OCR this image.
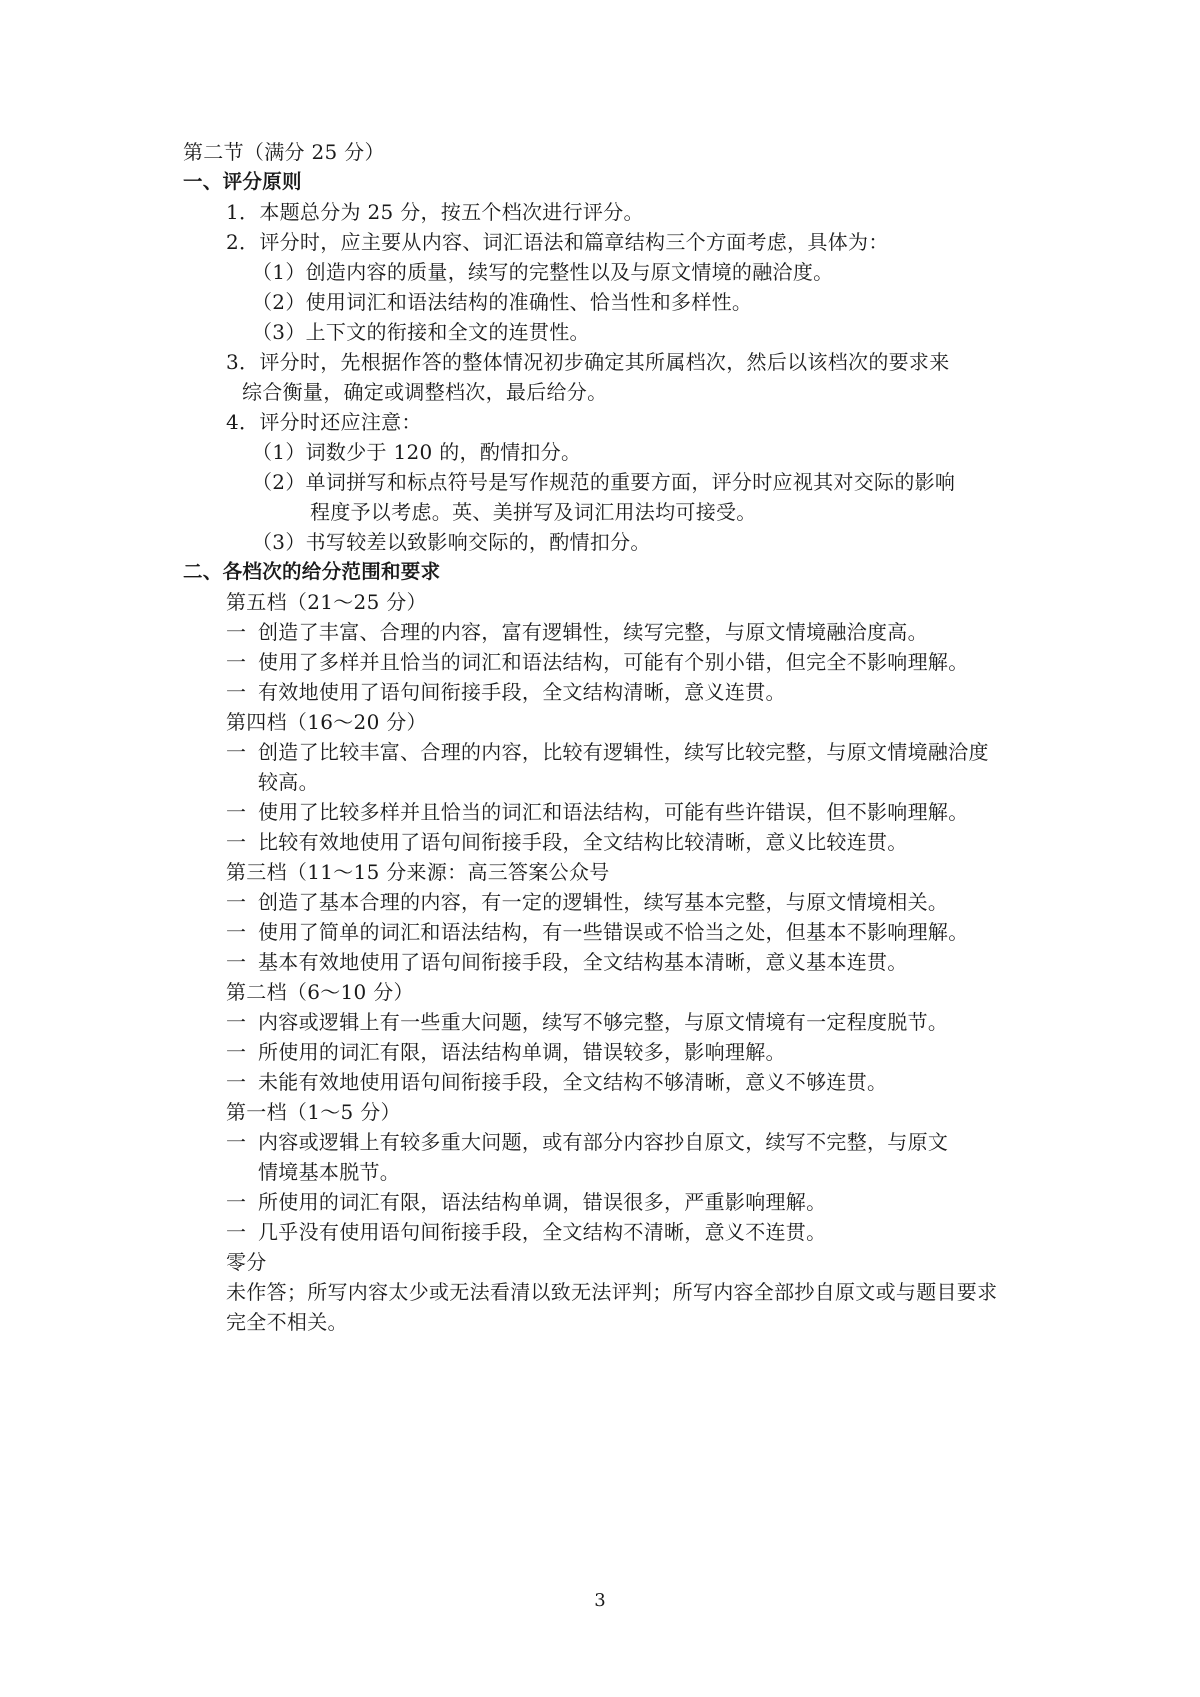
第二节（满分 25 分）
一、评分原则
1．本题总分为 25 分，按五个档次进行评分。
2．评分时，应主要从内容、词汇语法和篇章结构三个方面考虑，具体为：
（1）创造内容的质量，续写的完整性以及与原文情境的融洽度。
（2）使用词汇和语法结构的准确性、恰当性和多样性。
（3）上下文的衔接和全文的连贯性。
3．评分时，先根据作答的整体情况初步确定其所属档次，然后以该档次的要求来
综合衡量，确定或调整档次，最后给分。
4．评分时还应注意：
（1）词数少于 120 的，酌情扣分。
（2）单词拼写和标点符号是写作规范的重要方面，评分时应视其对交际的影响
程度予以考虑。英、美拼写及词汇用法均可接受。
（3）书写较差以致影响交际的，酌情扣分。
二、各档次的给分范围和要求
第五档（21～25 分）
一 创造了丰富、合理的内容，富有逻辑性，续写完整，与原文情境融洽度高。
一 使用了多样并且恰当的词汇和语法结构，可能有个别小错，但完全不影响理解。
一 有效地使用了语句间衔接手段，全文结构清晰，意义连贯。
第四档（16～20 分）
一 创造了比较丰富、合理的内容，比较有逻辑性，续写比较完整，与原文情境融洽度
较高。
一 使用了比较多样并且恰当的词汇和语法结构，可能有些许错误，但不影响理解。
一 比较有效地使用了语句间衔接手段，全文结构比较清晰，意义比较连贯。
第三档（11～15 分来源：高三答案公众号
一 创造了基本合理的内容，有一定的逻辑性，续写基本完整，与原文情境相关。
一 使用了简单的词汇和语法结构，有一些错误或不恰当之处，但基本不影响理解。
一 基本有效地使用了语句间衔接手段，全文结构基本清晰，意义基本连贯。
第二档（6～10 分）
一 内容或逻辑上有一些重大问题，续写不够完整，与原文情境有一定程度脱节。
一 所使用的词汇有限，语法结构单调，错误较多，影响理解。
一 未能有效地使用语句间衔接手段，全文结构不够清晰，意义不够连贯。
第一档（1～5 分）
一 内容或逻辑上有较多重大问题，或有部分内容抄自原文，续写不完整，与原文
情境基本脱节。
一 所使用的词汇有限，语法结构单调，错误很多，严重影响理解。
一 几乎没有使用语句间衔接手段，全文结构不清晰，意义不连贯。
零分
未作答；所写内容太少或无法看清以致无法评判；所写内容全部抄自原文或与题目要求
完全不相关。
3
